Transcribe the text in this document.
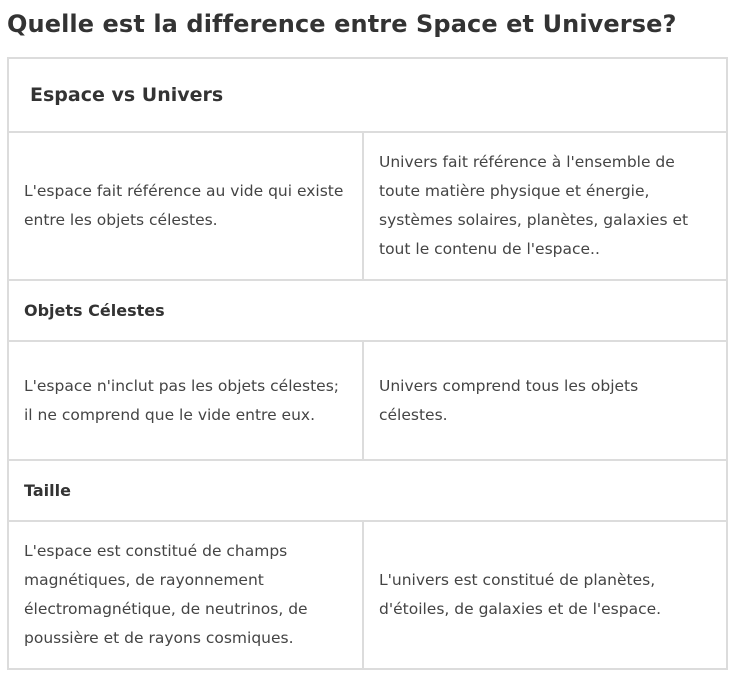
Quelle est la difference entre Space et Universe?
Espace vs Univers	
L'espace fait référence au vide qui existe entre les objets célestes.	Univers fait référence à l'ensemble de toute matière physique et énergie, systèmes solaires, planètes, galaxies et tout le contenu de l'espace..
Objets Célestes	
L'espace n'inclut pas les objets célestes; il ne comprend que le vide entre eux.	Univers comprend tous les objets célestes.
Taille	
L'espace est constitué de champs magnétiques, de rayonnement électromagnétique, de neutrinos, de poussière et de rayons cosmiques.	L'univers est constitué de planètes, d'étoiles, de galaxies et de l'espace.
